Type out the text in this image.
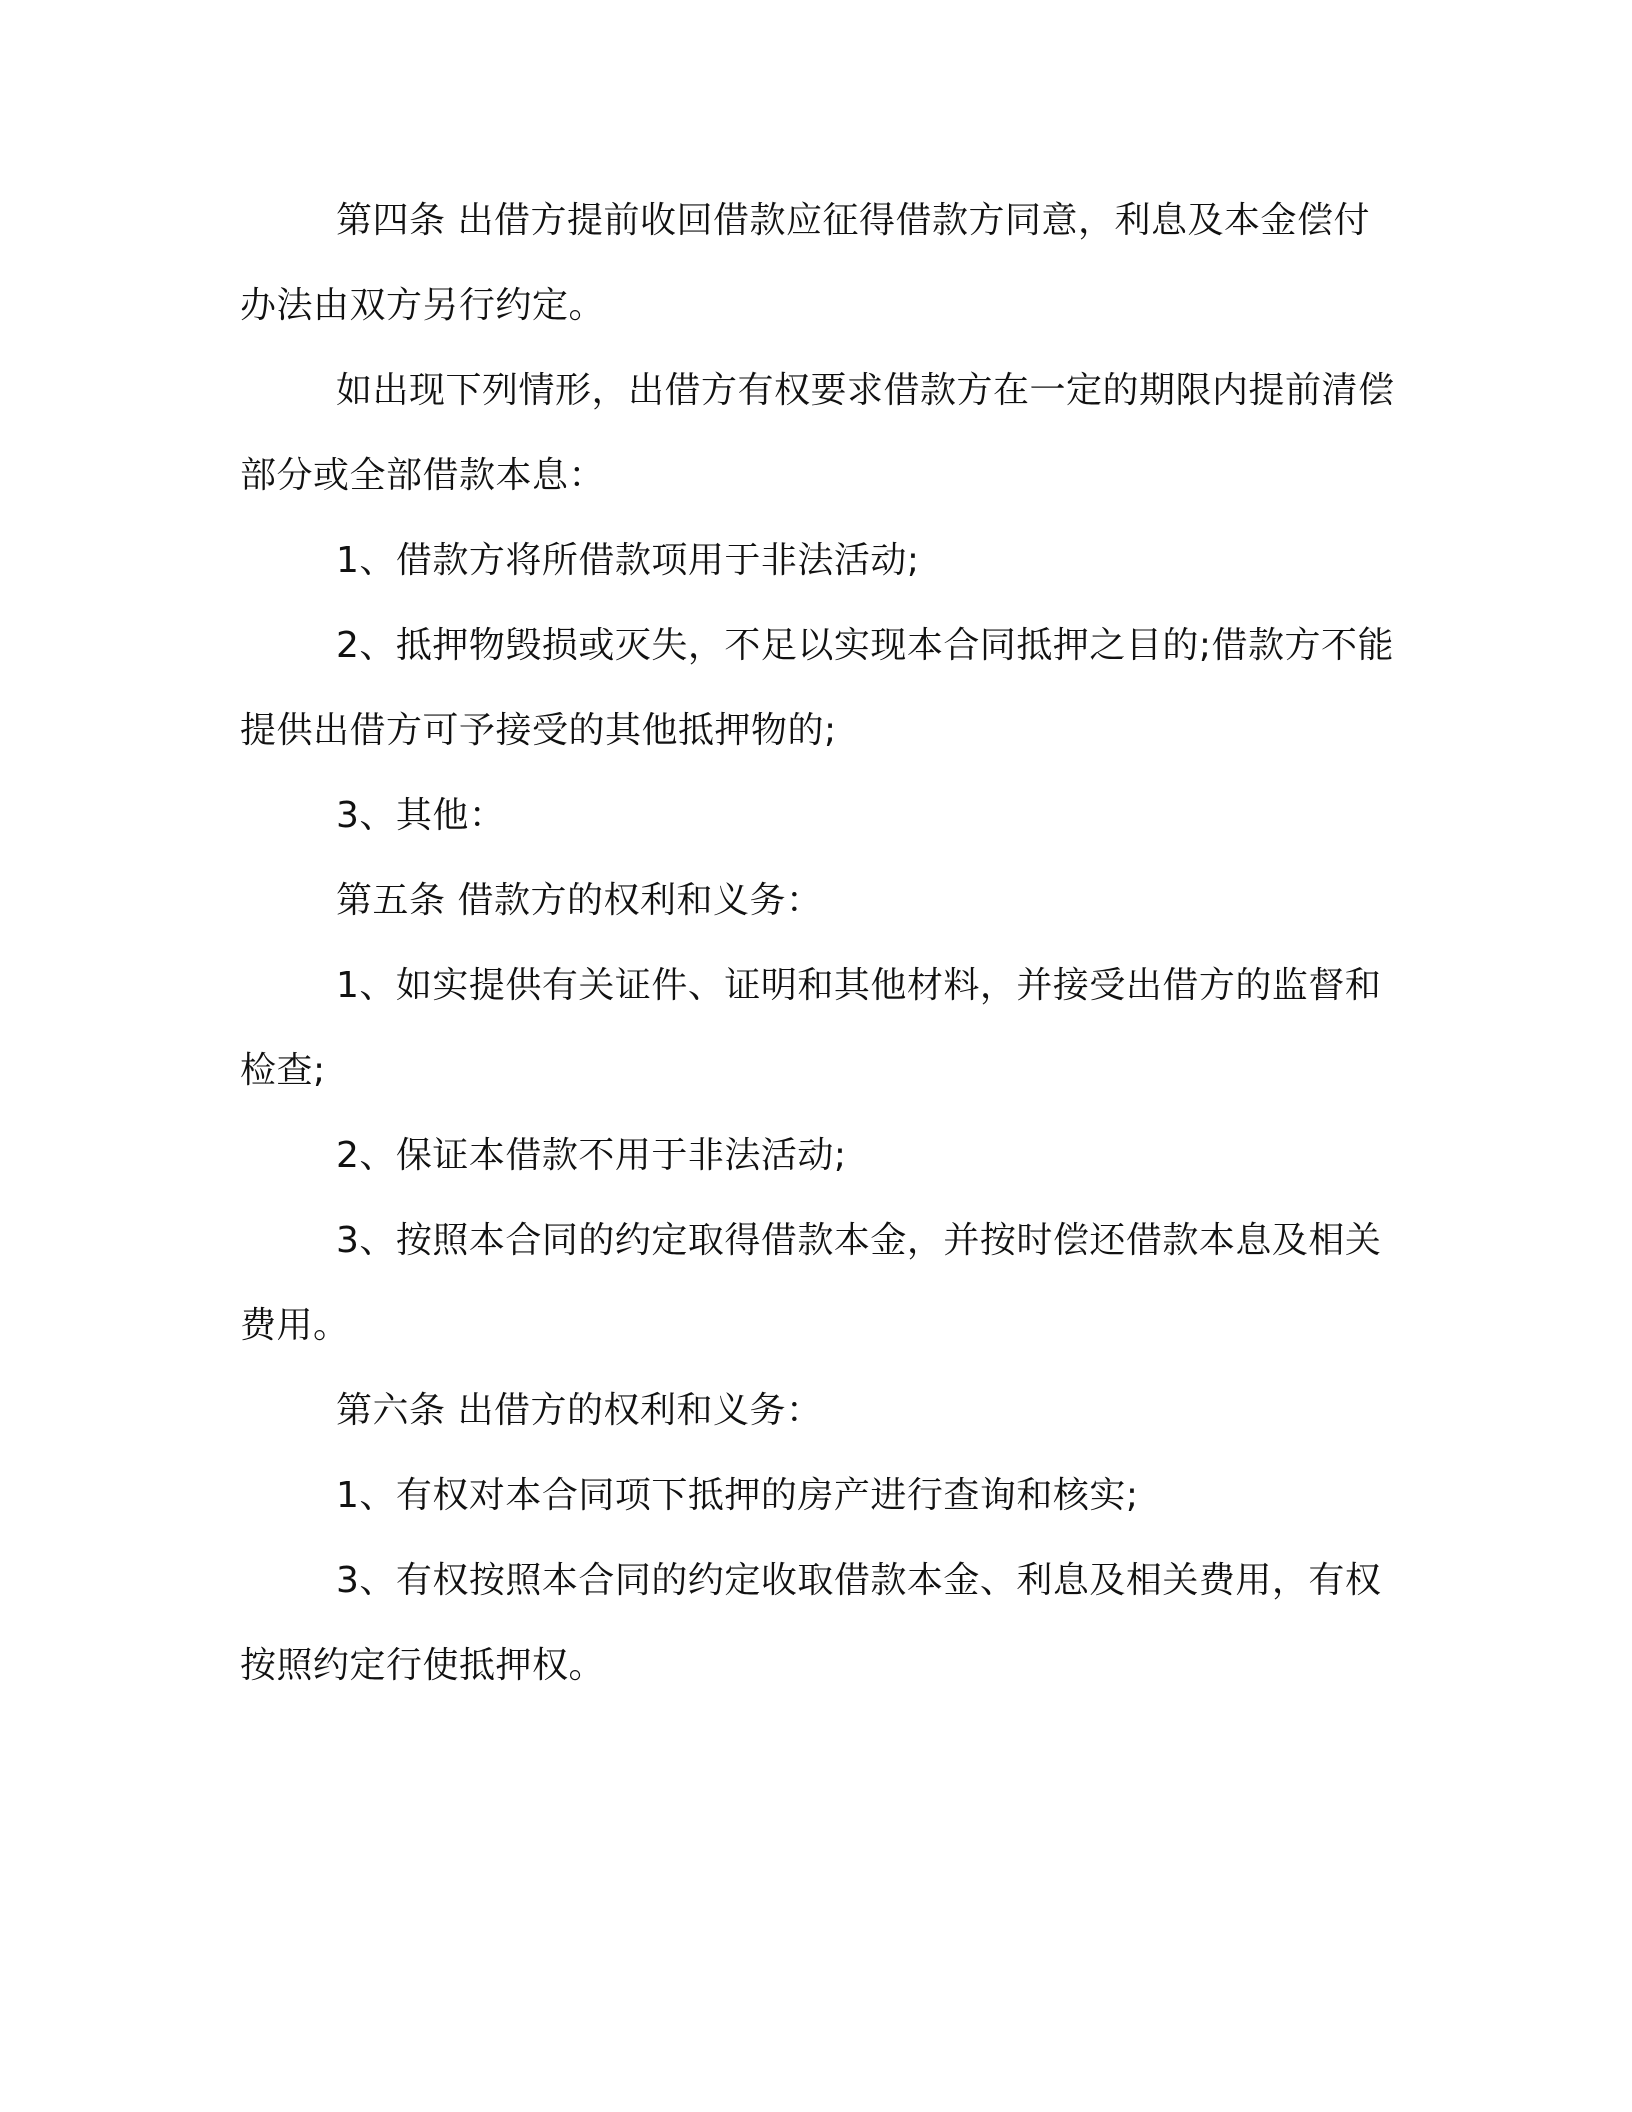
第四条 出借方提前收回借款应征得借款方同意，利息及本金偿付办法由双方另行约定。

如出现下列情形，出借方有权要求借款方在一定的期限内提前清偿部分或全部借款本息：

1、借款方将所借款项用于非法活动;

2、抵押物毁损或灭失，不足以实现本合同抵押之目的;借款方不能提供出借方可予接受的其他抵押物的;

3、其他：

第五条 借款方的权利和义务：

1、如实提供有关证件、证明和其他材料，并接受出借方的监督和检查;

2、保证本借款不用于非法活动;

3、按照本合同的约定取得借款本金，并按时偿还借款本息及相关费用。

第六条 出借方的权利和义务：

1、有权对本合同项下抵押的房产进行查询和核实;

3、有权按照本合同的约定收取借款本金、利息及相关费用，有权按照约定行使抵押权。
